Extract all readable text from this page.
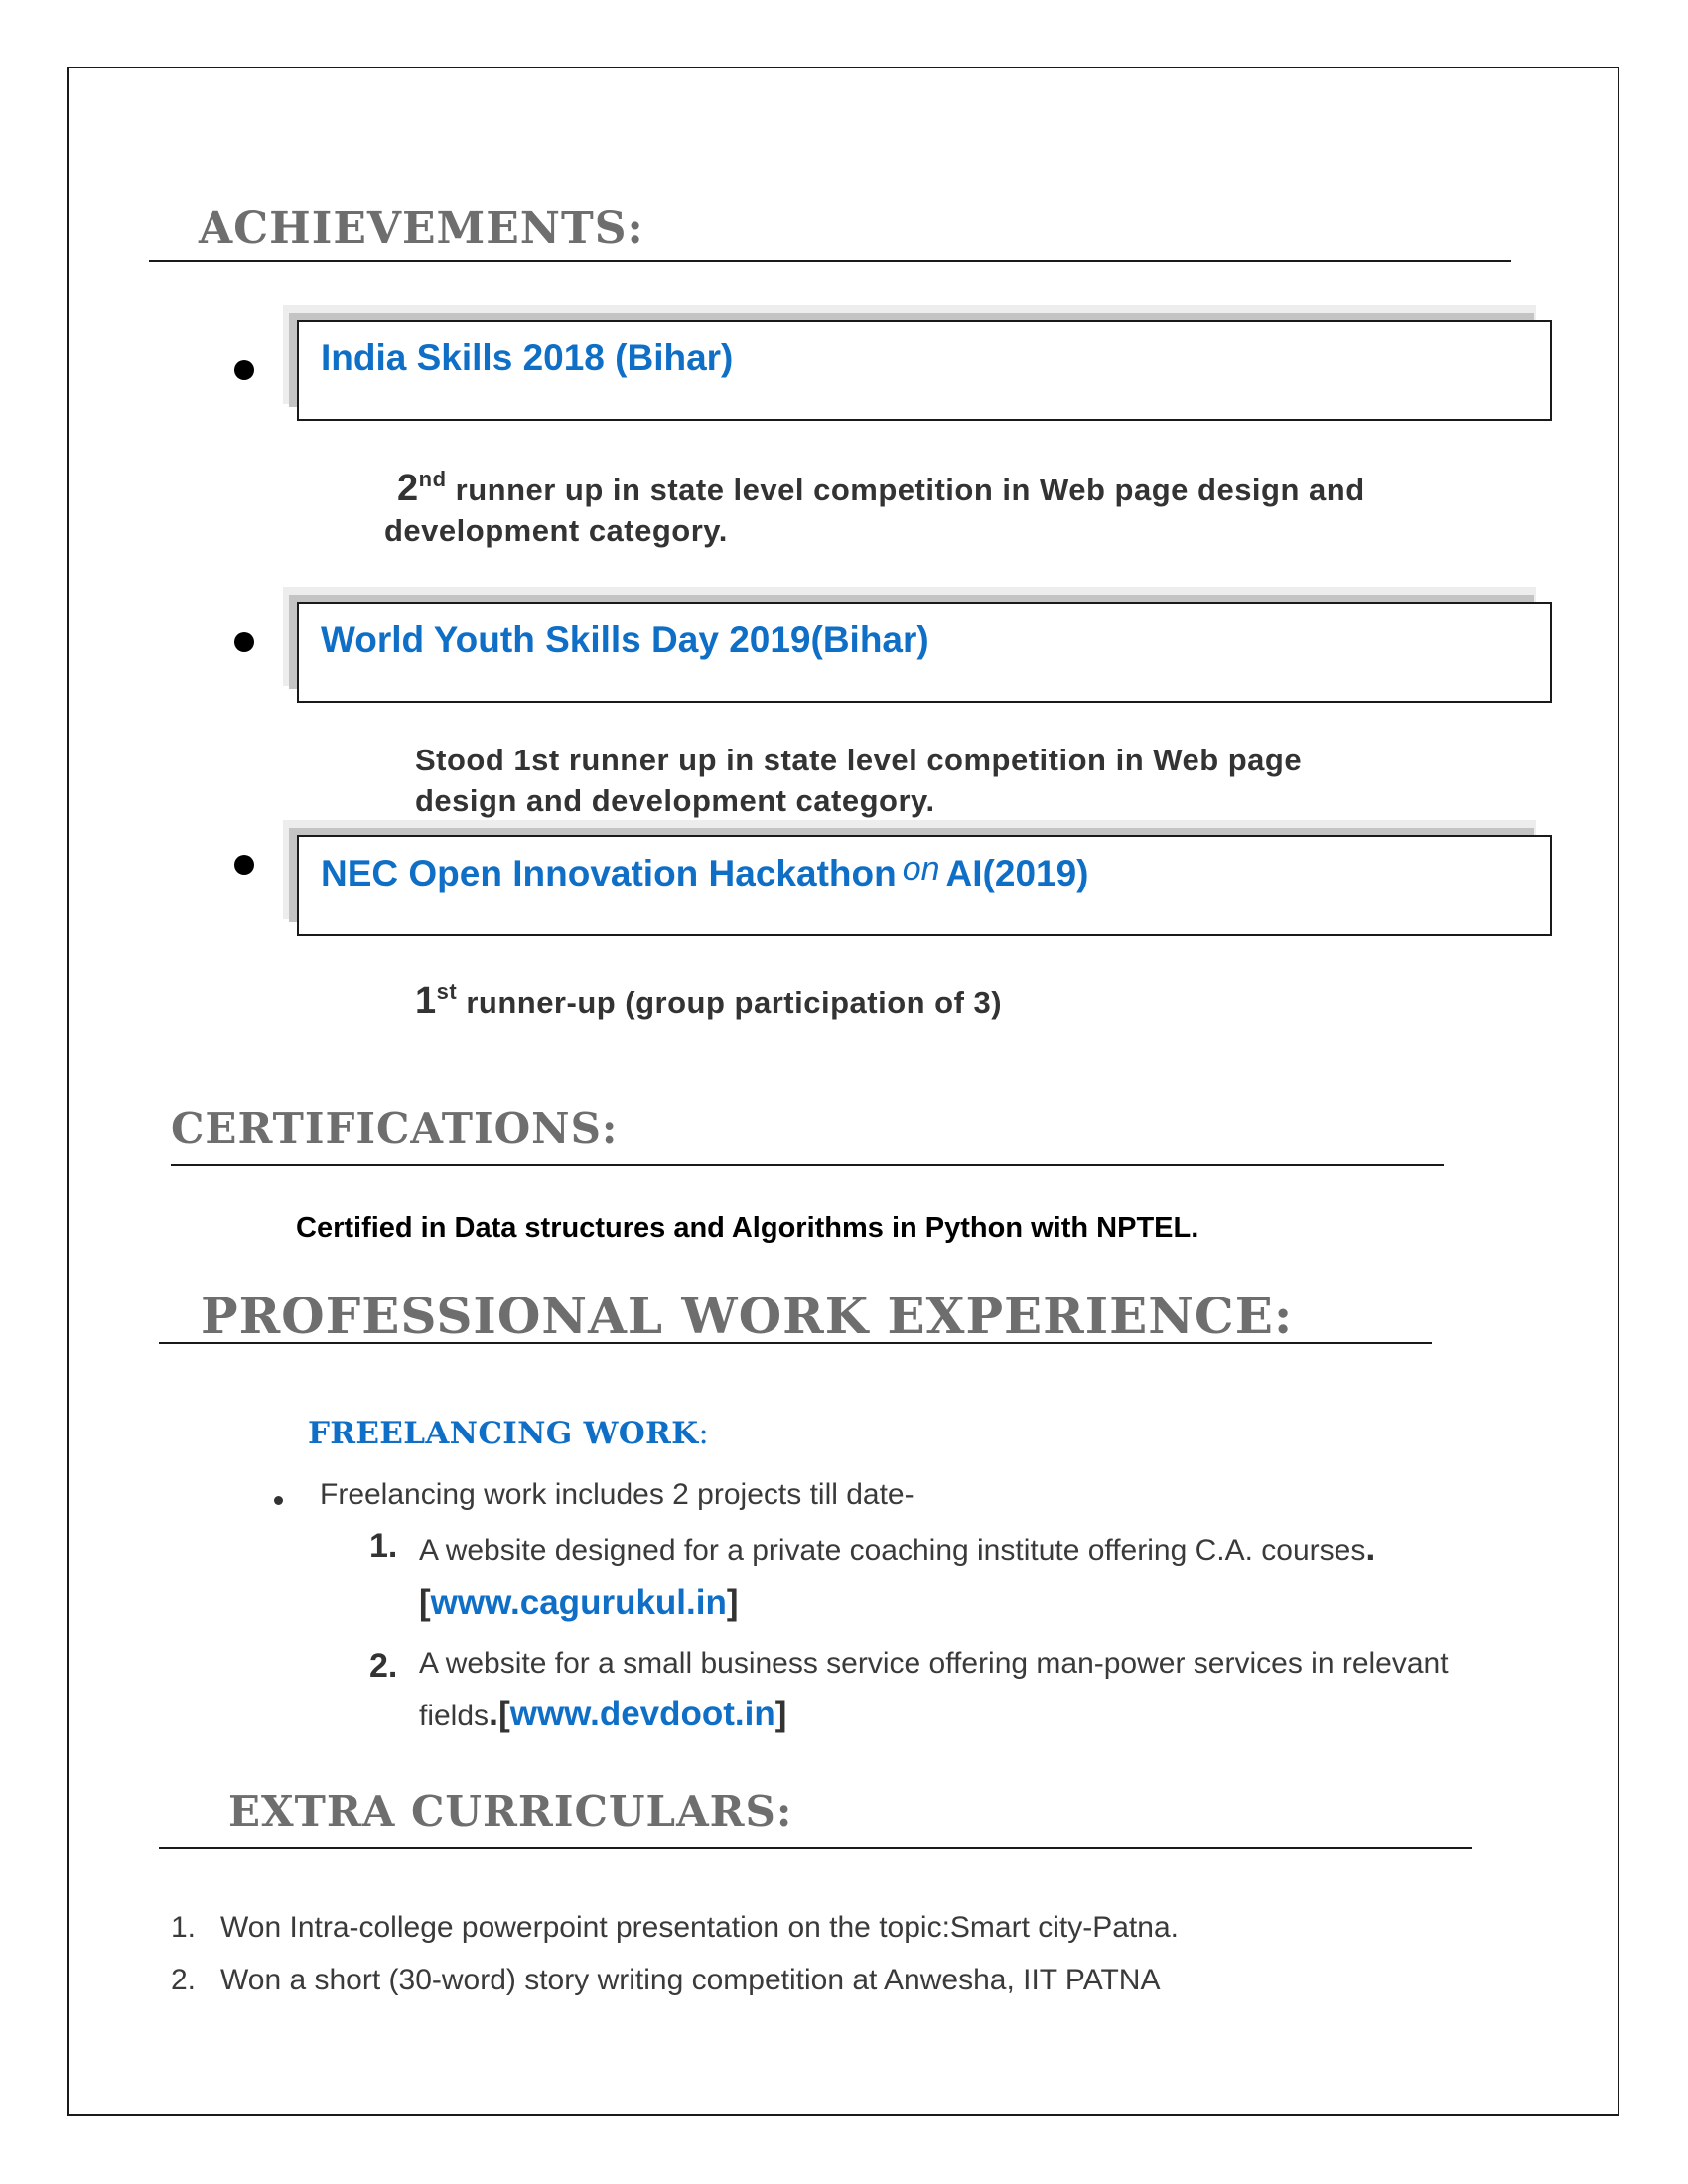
ACHIEVEMENTS:
India Skills 2018 (Bihar)
2nd runner up in state level competition in Web page design and
development category.
World Youth Skills Day 2019(Bihar)
Stood 1st runner up in state level competition in Web page
design and development category.
NEC Open Innovation Hackathon on AI(2019)
1st runner-up (group participation of 3)
CERTIFICATIONS:
Certified in Data structures and Algorithms in Python with NPTEL.
PROFESSIONAL WORK EXPERIENCE:
FREELANCING WORK:
Freelancing work includes 2 projects till date-
1. A website designed for a private coaching institute offering C.A. courses.
[www.cagurukul.in]
2. A website for a small business service offering man-power services in relevant
fields.[www.devdoot.in]
EXTRA CURRICULARS:
1. Won Intra-college powerpoint presentation on the topic:Smart city-Patna.
2. Won a short (30-word) story writing competition at Anwesha, IIT PATNA
